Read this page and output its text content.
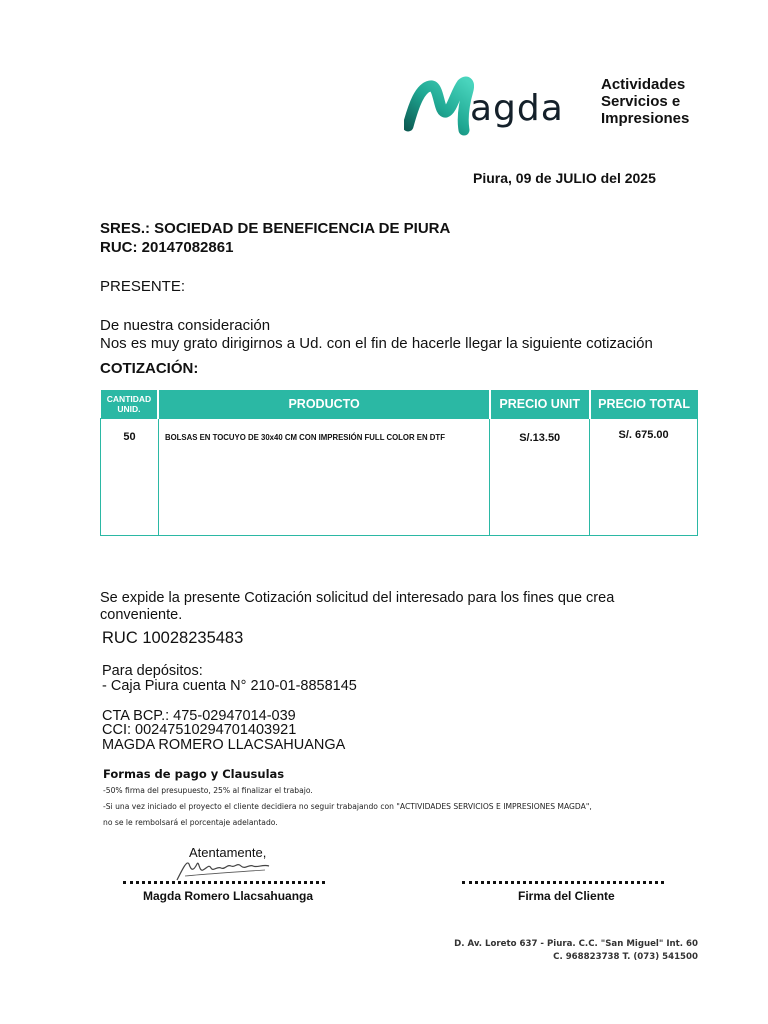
agda
Actividades
Servicios e
Impresiones
Piura, 09 de JULIO del 2025
SRES.: SOCIEDAD DE BENEFICENCIA DE PIURA
RUC: 20147082861
PRESENTE:
De nuestra consideración
Nos es muy grato dirigirnos a Ud. con el fin de hacerle llegar la siguiente cotización
COTIZACIÓN:
CANTIDAD
UNID.	PRODUCTO	PRECIO UNIT	PRECIO TOTAL

50	BOLSAS EN TOCUYO DE 30x40 CM CON IMPRESIÓN FULL COLOR EN DTF	S/.13.50	S/. 675.00
Se expide la presente Cotización solicitud del interesado para los fines que crea
conveniente.
RUC 10028235483
Para depósitos:
- Caja Piura cuenta N° 210-01-8858145
CTA BCP.: 475-02947014-039
CCI: 00247510294701403921
MAGDA ROMERO LLACSAHUANGA
Formas de pago y Clausulas
-50% firma del presupuesto, 25% al finalizar el trabajo.
-Si una vez iniciado el proyecto el cliente decidiera no seguir trabajando con "ACTIVIDADES SERVICIOS E IMPRESIONES MAGDA",
no se le rembolsará el porcentaje adelantado.
Atentamente,
Magda Romero Llacsahuanga	Firma del Cliente
D. Av. Loreto 637 - Piura. C.C. "San Miguel" Int. 60
C. 968823738 T. (073) 541500
